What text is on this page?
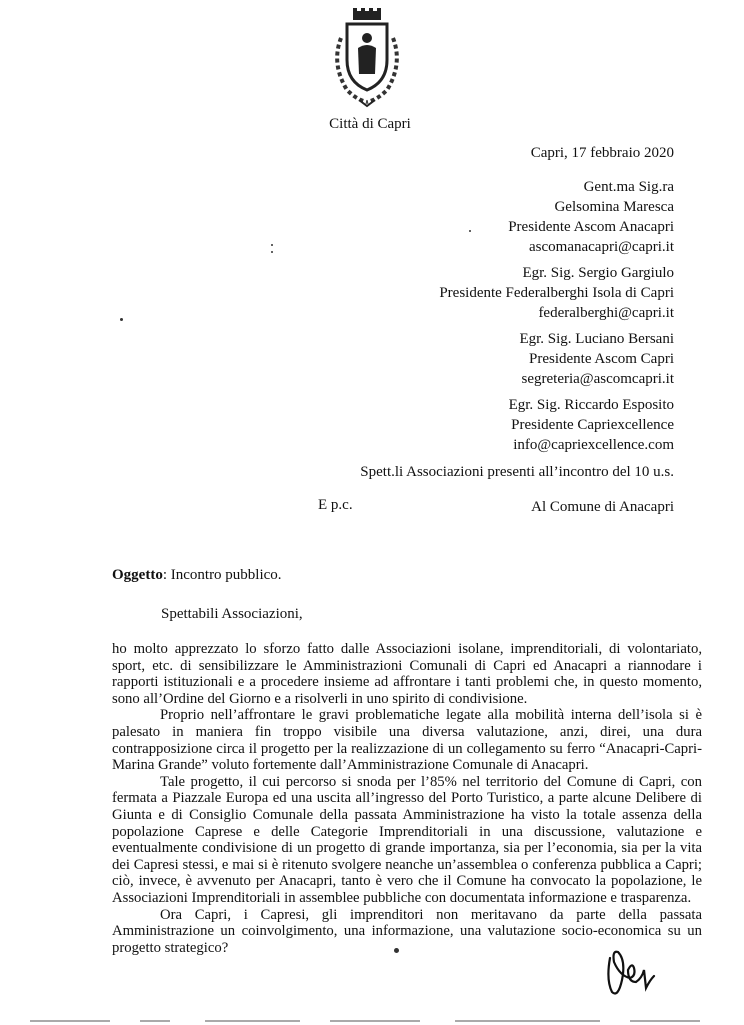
Città di Capri
Capri, 17 febbraio 2020
Gent.ma Sig.ra
Gelsomina Maresca
Presidente Ascom Anacapri
ascomanacapri@capri.it
Egr. Sig. Sergio Gargiulo
Presidente Federalberghi Isola di Capri
federalberghi@capri.it
Egr. Sig. Luciano Bersani
Presidente Ascom Capri
segreteria@ascomcapri.it
Egr. Sig. Riccardo Esposito
Presidente Capriexcellence
info@capriexcellence.com
Spett.li Associazioni presenti all’incontro del 10 u.s.
E p.c.	Al Comune di Anacapri
Oggetto: Incontro pubblico.
Spettabili Associazioni,

ho molto apprezzato lo sforzo fatto dalle Associazioni isolane, imprenditoriali, di volontariato, sport, etc. di sensibilizzare le Amministrazioni Comunali di Capri ed Anacapri a riannodare i rapporti istituzionali e a procedere insieme ad affrontare i tanti problemi che, in questo momento, sono all’Ordine del Giorno e a risolverli in uno spirito di condivisione.

Proprio nell’affrontare le gravi problematiche legate alla mobilità interna dell’isola si è palesato in maniera fin troppo visibile una diversa valutazione, anzi, direi, una dura contrapposizione circa il progetto per la realizzazione di un collegamento su ferro “Anacapri-Capri- Marina Grande” voluto fortemente dall’Amministrazione Comunale di Anacapri.

Tale progetto, il cui percorso si snoda per l’85% nel territorio del Comune di Capri, con fermata a Piazzale Europa ed una uscita all’ingresso del Porto Turistico, a parte alcune Delibere di Giunta e di Consiglio Comunale della passata Amministrazione ha visto la totale assenza della popolazione Caprese e delle Categorie Imprenditoriali in una discussione, valutazione e eventualmente condivisione di un progetto di grande importanza, sia per l’economia, sia per la vita dei Capresi stessi, e mai si è ritenuto svolgere neanche un’assemblea o conferenza pubblica a Capri; ciò, invece, è avvenuto per Anacapri, tanto è vero che il Comune ha convocato la popolazione, le Associazioni Imprenditoriali in assemblee pubbliche con documentata informazione e trasparenza.

Ora Capri, i Capresi, gli imprenditori non meritavano da parte della passata Amministrazione un coinvolgimento, una informazione, una valutazione socio-economica su un progetto strategico?
